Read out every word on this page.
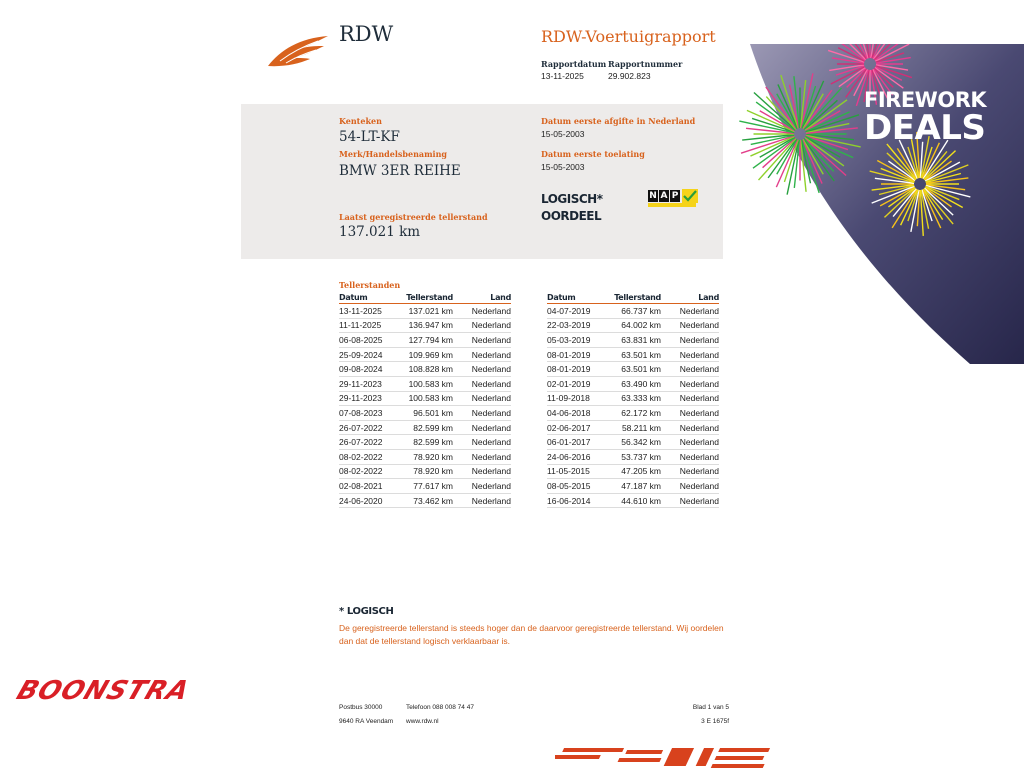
RDW	RDW-Voertuigrapport
Rapportdatum
13-11-2025
Rapportnummer
29.902.823
FIREWORK
DEALS
Kenteken
54-LT-KF
Merk/Handelsbenaming
BMW 3ER REIHE
Laatst geregistreerde tellerstand
137.021 km
Datum eerste afgifte in Nederland
15-05-2003
Datum eerste toelating
15-05-2003
LOGISCH*
OORDEEL
N A P
Tellerstanden
Datum	Tellerstand	Land
13-11-2025	137.021 km	Nederland
11-11-2025	136.947 km	Nederland
06-08-2025	127.794 km	Nederland
25-09-2024	109.969 km	Nederland
09-08-2024	108.828 km	Nederland
29-11-2023	100.583 km	Nederland
29-11-2023	100.583 km	Nederland
07-08-2023	96.501 km	Nederland
26-07-2022	82.599 km	Nederland
26-07-2022	82.599 km	Nederland
08-02-2022	78.920 km	Nederland
08-02-2022	78.920 km	Nederland
02-08-2021	77.617 km	Nederland
24-06-2020	73.462 km	Nederland
Datum	Tellerstand	Land
04-07-2019	66.737 km	Nederland
22-03-2019	64.002 km	Nederland
05-03-2019	63.831 km	Nederland
08-01-2019	63.501 km	Nederland
08-01-2019	63.501 km	Nederland
02-01-2019	63.490 km	Nederland
11-09-2018	63.333 km	Nederland
04-06-2018	62.172 km	Nederland
02-06-2017	58.211 km	Nederland
06-01-2017	56.342 km	Nederland
24-06-2016	53.737 km	Nederland
11-05-2015	47.205 km	Nederland
08-05-2015	47.187 km	Nederland
16-06-2014	44.610 km	Nederland
* LOGISCH
De geregistreerde tellerstand is steeds hoger dan de daarvoor geregistreerde tellerstand. Wij oordelen dan dat de tellerstand logisch verklaarbaar is.
Postbus 30000
9640 RA Veendam
Telefoon 088 008 74 47
www.rdw.nl
Blad 1 van 5
3 E 1675f
BOONSTRA
